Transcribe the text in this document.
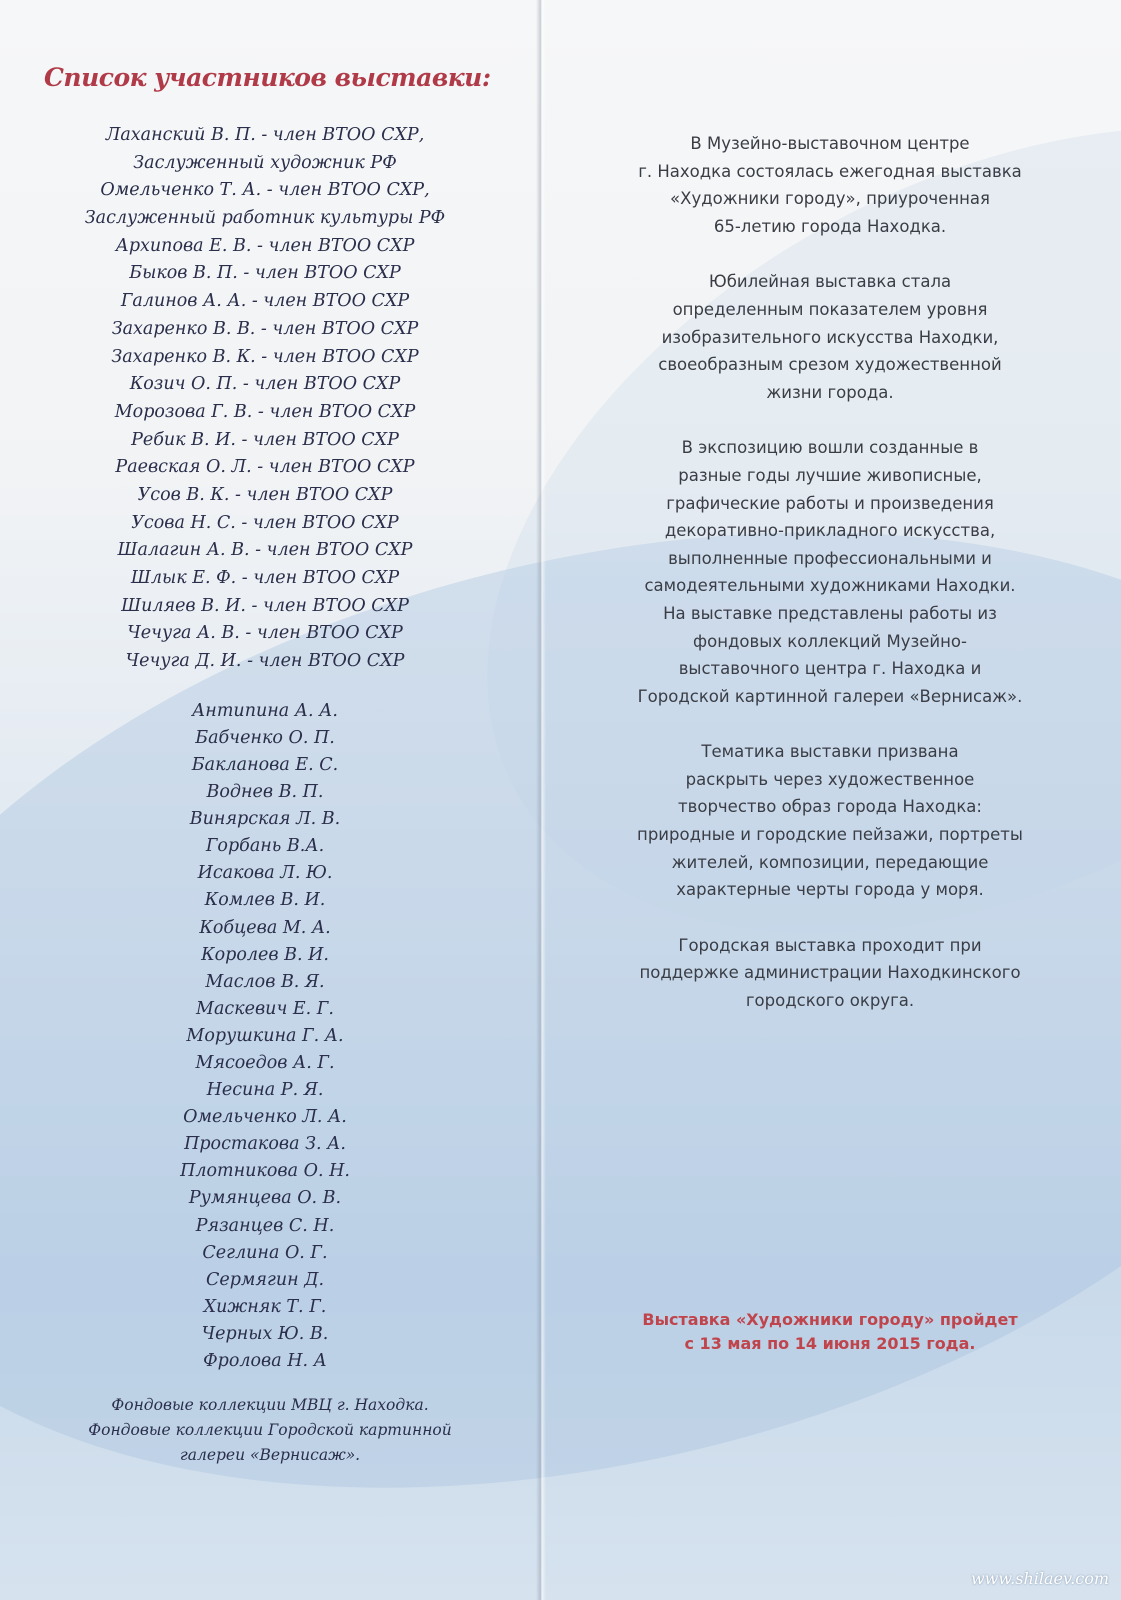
Список участников выставки:
Лаханский В. П. - член ВТОО СХР,
Заслуженный художник РФ
Омельченко Т. А. - член ВТОО СХР,
Заслуженный работник культуры РФ
Архипова Е. В. - член ВТОО СХР
Быков В. П. - член ВТОО СХР
Галинов А. А. - член ВТОО СХР
Захаренко В. В. - член ВТОО СХР
Захаренко В. К. - член ВТОО СХР
Козич О. П. - член ВТОО СХР
Морозова Г. В. - член ВТОО СХР
Ребик В. И. - член ВТОО СХР
Раевская О. Л. - член ВТОО СХР
Усов В. К. - член ВТОО СХР
Усова Н. С. - член ВТОО СХР
Шалагин А. В. - член ВТОО СХР
Шлык Е. Ф. - член ВТОО СХР
Шиляев В. И. - член ВТОО СХР
Чечуга А. В. - член ВТОО СХР
Чечуга Д. И. - член ВТОО СХР
Антипина А. А.
Бабченко О. П.
Бакланова Е. С.
Воднев В. П.
Винярская Л. В.
Горбань В.А.
Исакова Л. Ю.
Комлев В. И.
Кобцева М. А.
Королев В. И.
Маслов В. Я.
Маскевич Е. Г.
Морушкина Г. А.
Мясоедов А. Г.
Несина Р. Я.
Омельченко Л. А.
Простакова З. А.
Плотникова О. Н.
Румянцева О. В.
Рязанцев С. Н.
Сеглина О. Г.
Сермягин Д.
Хижняк Т. Г.
Черных Ю. В.
Фролова Н. А
Фондовые коллекции МВЦ г. Находка.
Фондовые коллекции Городской картинной
галереи «Вернисаж».

В Музейно-выставочном центре
г. Находка состоялась ежегодная выставка
«Художники городу», приуроченная
65-летию города Находка.

Юбилейная выставка стала
определенным показателем уровня
изобразительного искусства Находки,
своеобразным срезом художественной
жизни города.

В экспозицию вошли созданные в
разные годы лучшие живописные,
графические работы и произведения
декоративно-прикладного искусства,
выполненные профессиональными и
самодеятельными художниками Находки.
На выставке представлены работы из
фондовых коллекций Музейно-
выставочного центра г. Находка и
Городской картинной галереи «Вернисаж».

Тематика выставки призвана
раскрыть через художественное
творчество образ города Находка:
природные и городские пейзажи, портреты
жителей, композиции, передающие
характерные черты города у моря.

Городская выставка проходит при
поддержке администрации Находкинского
городского округа.

Выставка «Художники городу» пройдет
с 13 мая по 14 июня 2015 года.
www.shilaev.com
